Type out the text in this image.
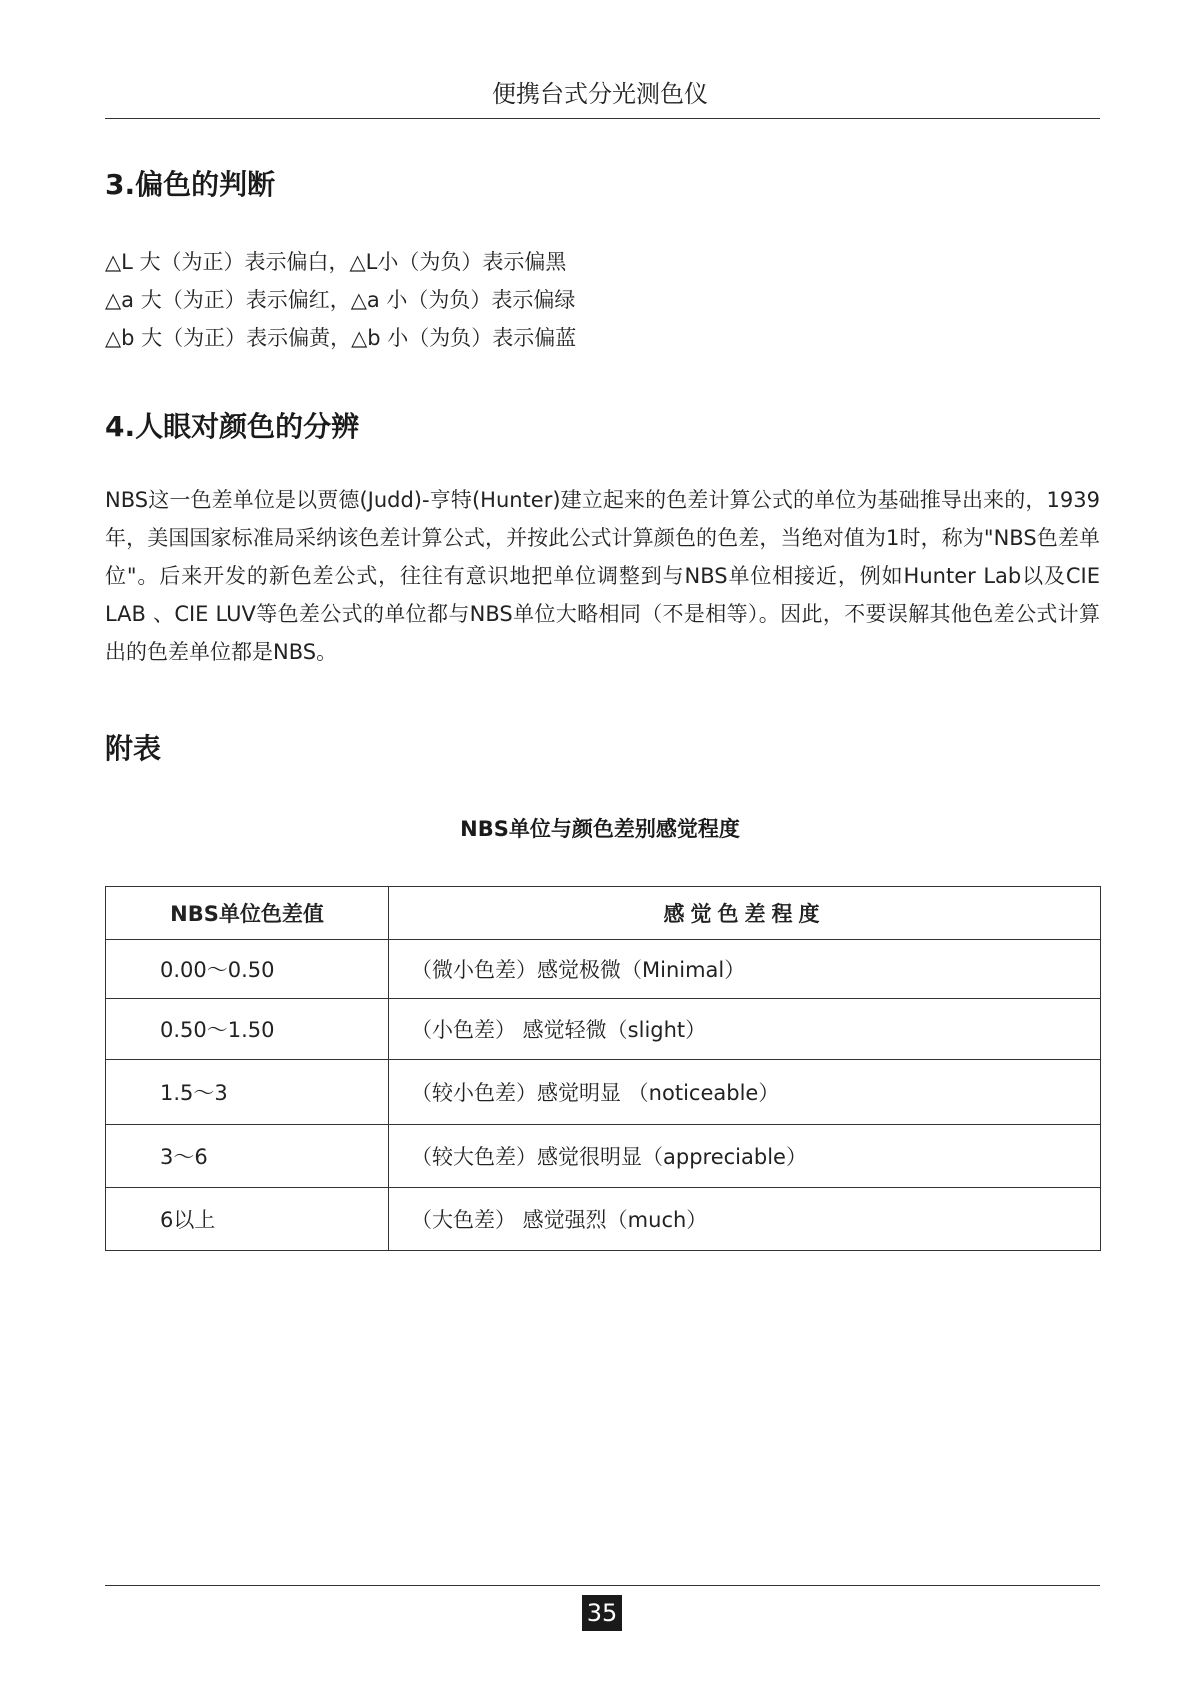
便携台式分光测色仪
3.偏色的判断
△L 大（为正）表示偏白，△L小（为负）表示偏黑
△a 大（为正）表示偏红，△a 小（为负）表示偏绿
△b 大（为正）表示偏黄，△b 小（为负）表示偏蓝
4.人眼对颜色的分辨

NBS这一色差单位是以贾德(Judd)-亨特(Hunter)建立起来的色差计算公式的单位为基础推导出来的，1939年，美国国家标准局采纳该色差计算公式，并按此公式计算颜色的色差，当绝对值为1时，称为"NBS色差单位"。后来开发的新色差公式，往往有意识地把单位调整到与NBS单位相接近，例如Hunter Lab以及CIE LAB 、CIE LUV等色差公式的单位都与NBS单位大略相同（不是相等）。因此，不要误解其他色差公式计算出的色差单位都是NBS。

附表
NBS单位与颜色差别感觉程度
NBS单位色差值	感觉色差程度
0.00～0.50	（微小色差）感觉极微（Minimal）
0.50～1.50	（小色差） 感觉轻微（slight）
1.5～3	（较小色差）感觉明显 （noticeable）
3～6	（较大色差）感觉很明显（appreciable）
6以上	（大色差） 感觉强烈（much）
35
